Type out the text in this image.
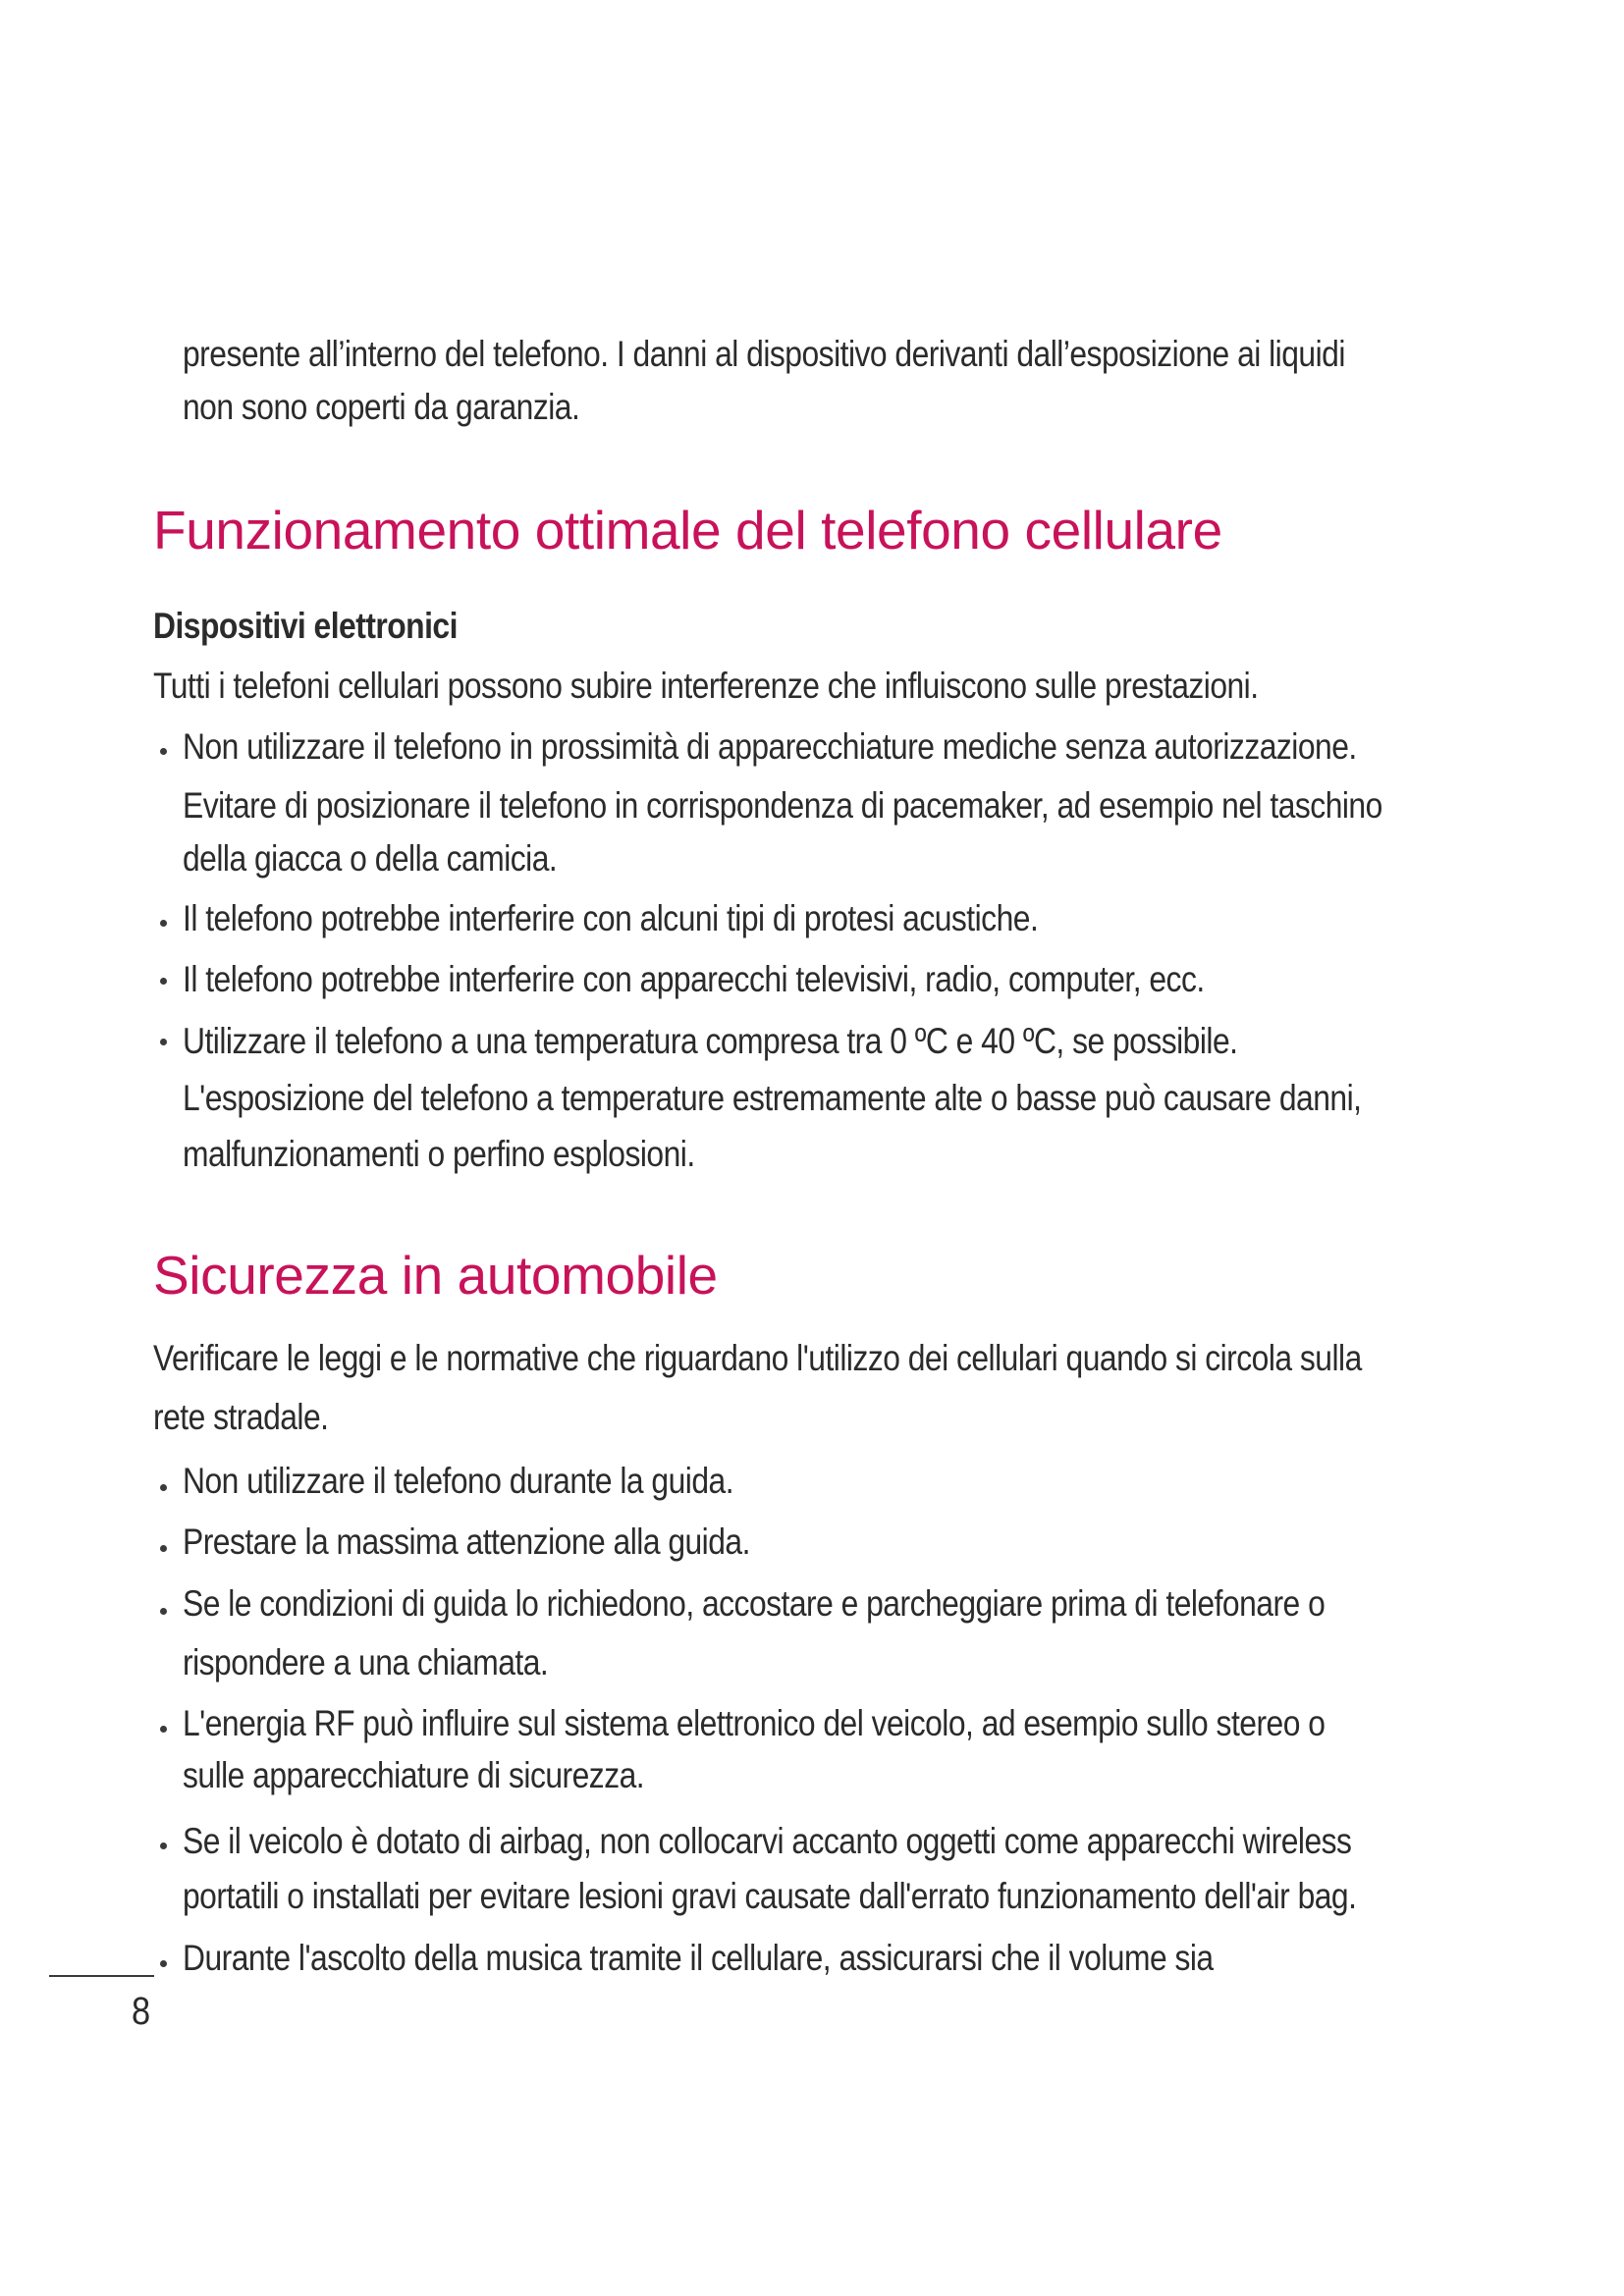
presente all’interno del telefono. I danni al dispositivo derivanti dall’esposizione ai liquidi
non sono coperti da garanzia.
Funzionamento ottimale del telefono cellulare
Dispositivi elettronici
Tutti i telefoni cellulari possono subire interferenze che influiscono sulle prestazioni.
Non utilizzare il telefono in prossimità di apparecchiature mediche senza autorizzazione.
Evitare di posizionare il telefono in corrispondenza di pacemaker, ad esempio nel taschino
della giacca o della camicia.
Il telefono potrebbe interferire con alcuni tipi di protesi acustiche.
Il telefono potrebbe interferire con apparecchi televisivi, radio, computer, ecc.
Utilizzare il telefono a una temperatura compresa tra 0 ºC e 40 ºC, se possibile.
L'esposizione del telefono a temperature estremamente alte o basse può causare danni,
malfunzionamenti o perfino esplosioni.
Sicurezza in automobile
Verificare le leggi e le normative che riguardano l'utilizzo dei cellulari quando si circola sulla
rete stradale.
Non utilizzare il telefono durante la guida.
Prestare la massima attenzione alla guida.
Se le condizioni di guida lo richiedono, accostare e parcheggiare prima di telefonare o
rispondere a una chiamata.
L'energia RF può influire sul sistema elettronico del veicolo, ad esempio sullo stereo o
sulle apparecchiature di sicurezza.
Se il veicolo è dotato di airbag, non collocarvi accanto oggetti come apparecchi wireless
portatili o installati per evitare lesioni gravi causate dall'errato funzionamento dell'air bag.
Durante l'ascolto della musica tramite il cellulare, assicurarsi che il volume sia
8
